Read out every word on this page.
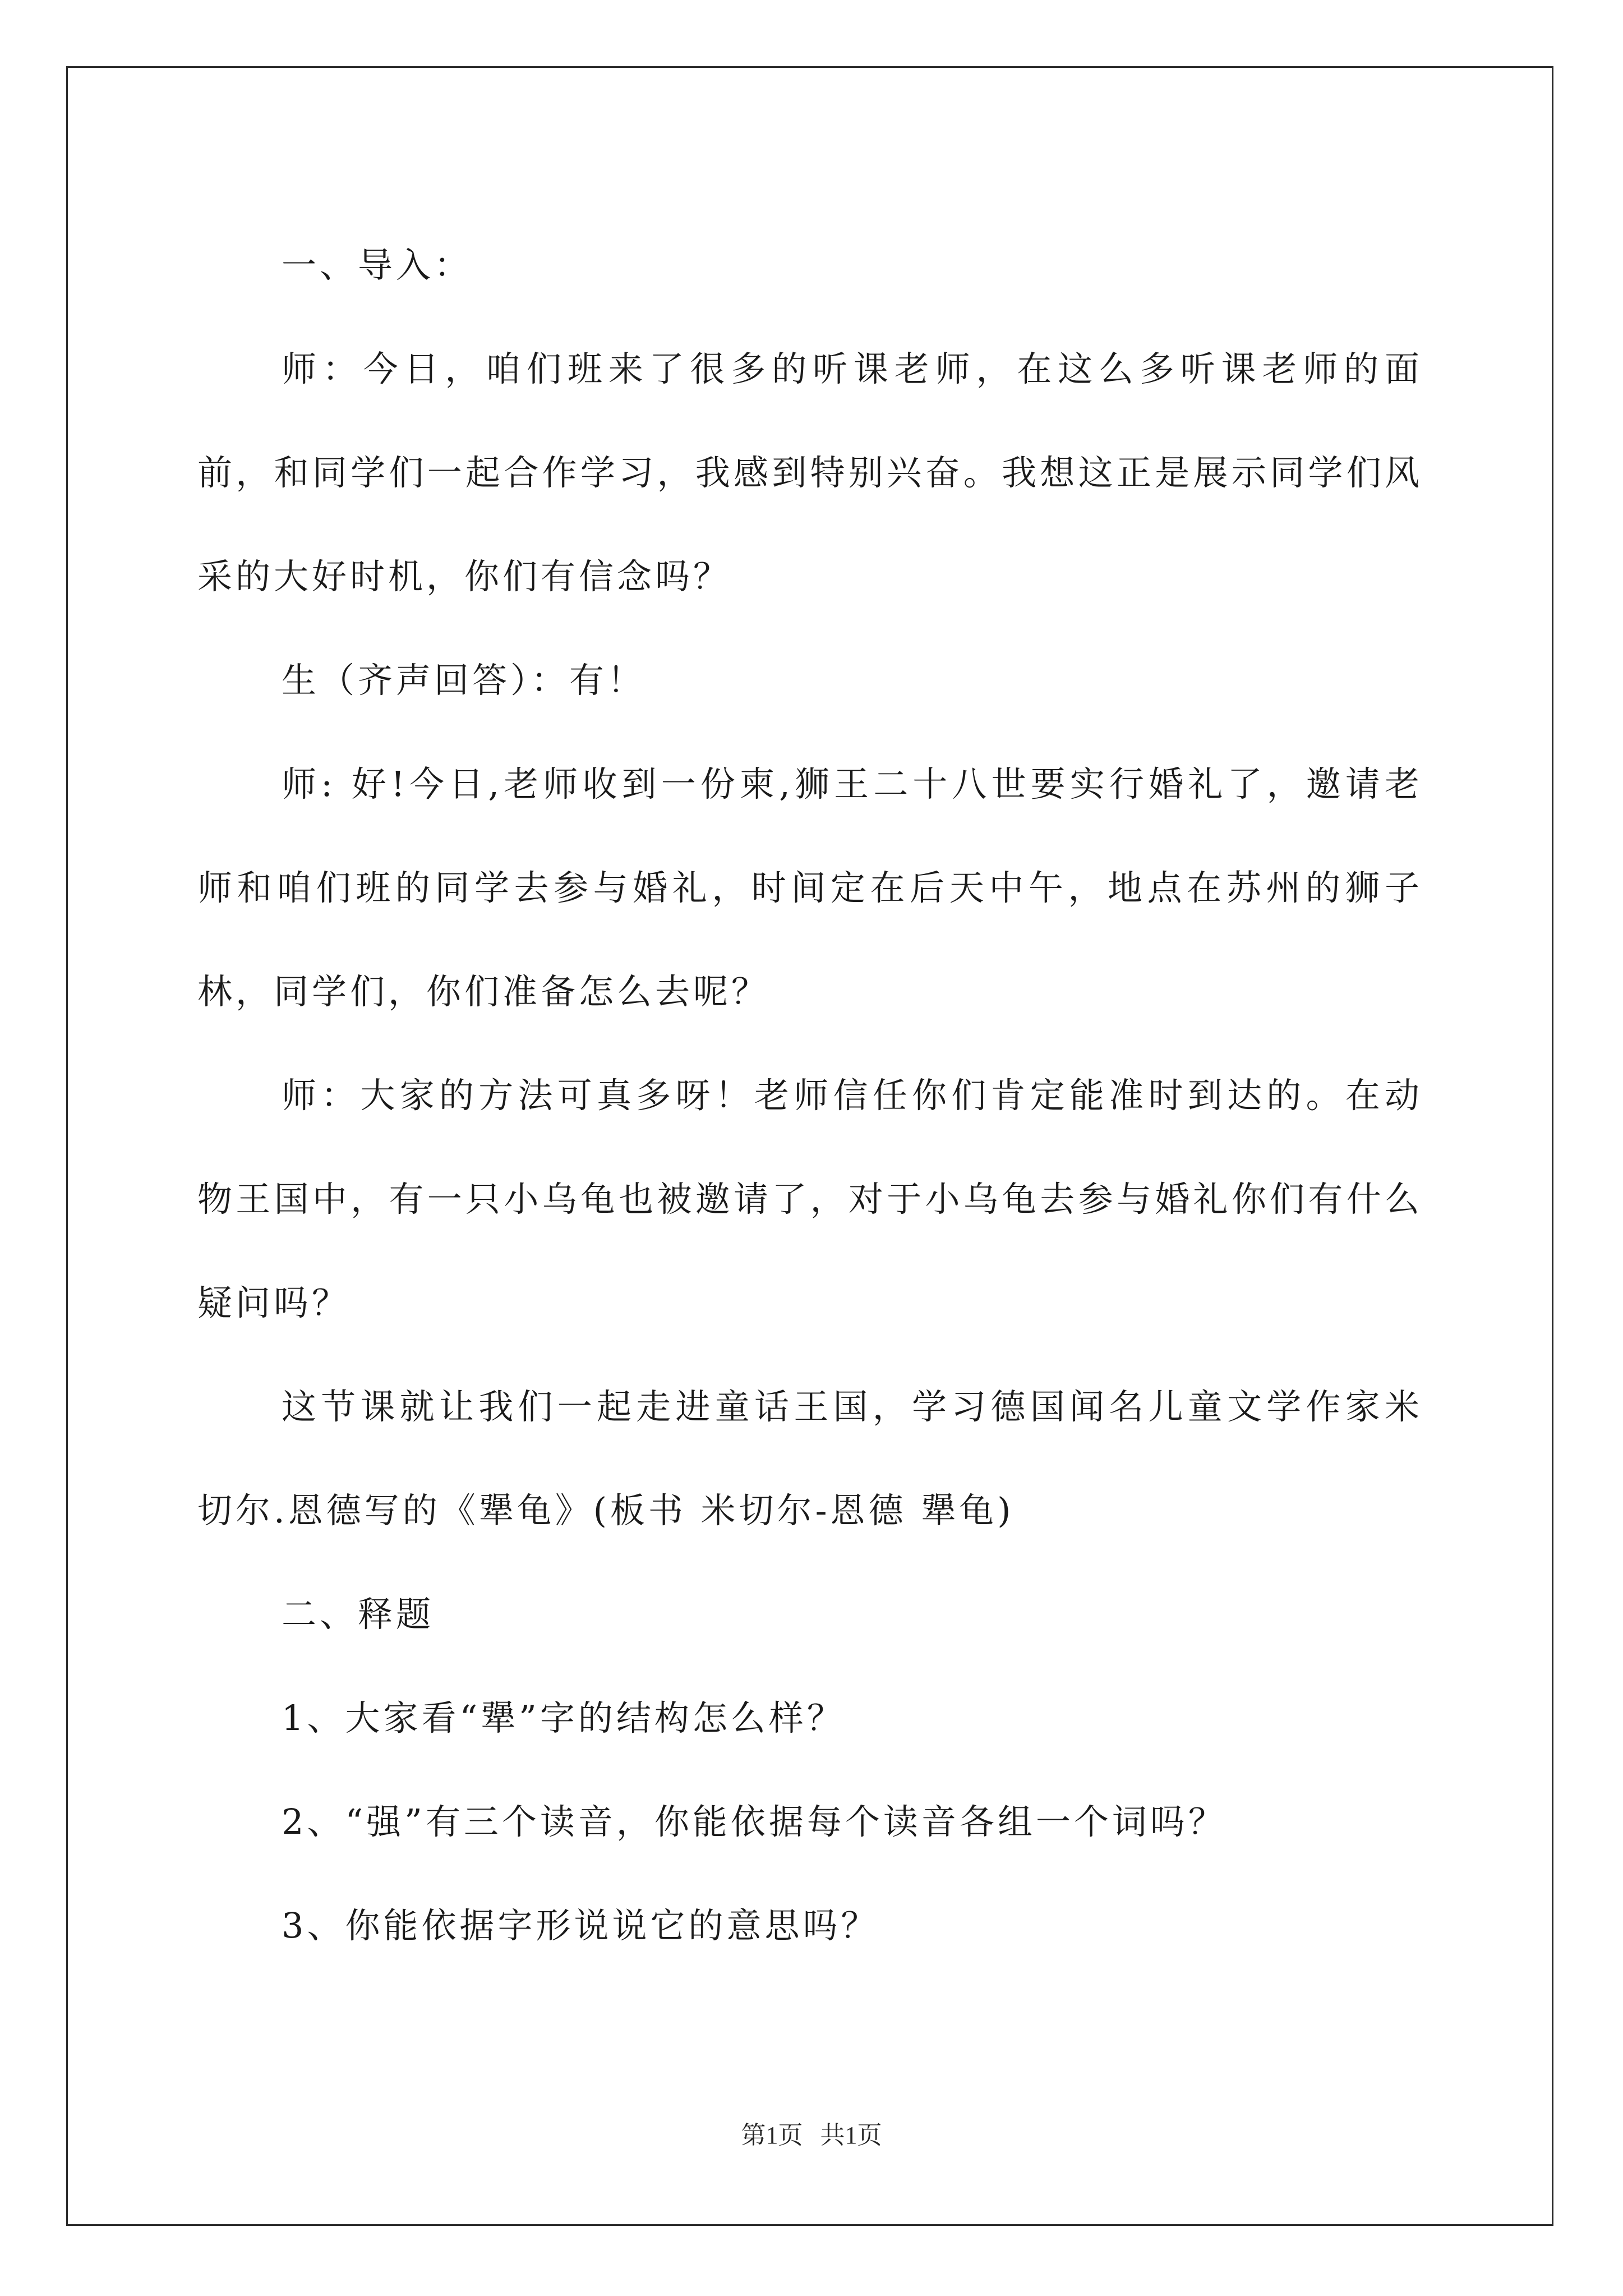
一、导入：

师：今日，咱们班来了很多的听课老师，在这么多听课老师的面前，和同学们一起合作学习，我感到特别兴奋。我想这正是展示同学们风采的大好时机，你们有信念吗？

生（齐声回答）：有！

师: 好!今日,老师收到一份柬,狮王二十八世要实行婚礼了，邀请老师和咱们班的同学去参与婚礼，时间定在后天中午，地点在苏州的狮子林，同学们，你们准备怎么去呢？

师：大家的方法可真多呀！老师信任你们肯定能准时到达的。在动物王国中，有一只小乌龟也被邀请了，对于小乌龟去参与婚礼你们有什么疑问吗？

这节课就让我们一起走进童话王国，学习德国闻名儿童文学作家米切尔.恩德写的《犟龟》(板书 米切尔-恩德 犟龟)

二、释题

1、大家看“犟”字的结构怎么样？

2、“强”有三个读音，你能依据每个读音各组一个词吗？

3、你能依据字形说说它的意思吗？

第1页 共1页
